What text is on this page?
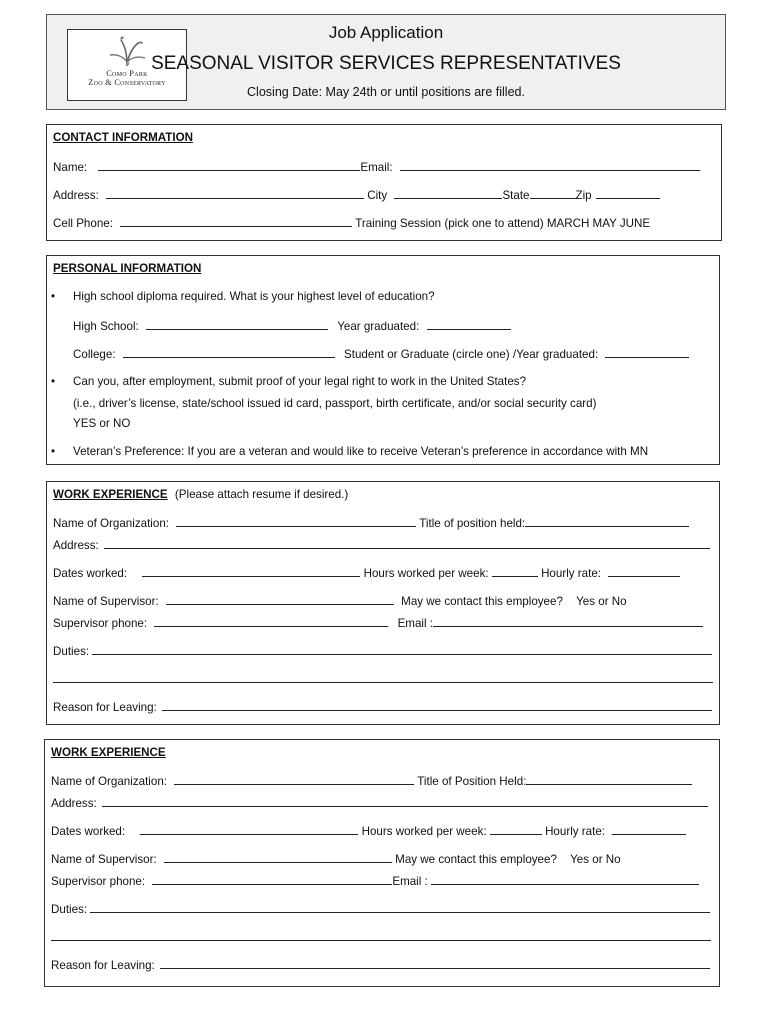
Como Park
Zoo & Conservatory
Job Application
SEASONAL VISITOR SERVICES REPRESENTATIVES
Closing Date: May 24th or until positions are filled.
CONTACT INFORMATION
Name:	Email:
Address:	City	State	Zip
Cell Phone:	Training Session (pick one to attend) MARCH MAY JUNE
PERSONAL INFORMATION
• High school diploma required. What is your highest level of education?
High School:	Year graduated:
College:	Student or Graduate (circle one) /Year graduated:
• Can you, after employment, submit proof of your legal right to work in the United States?
(i.e., driver’s license, state/school issued id card, passport, birth certificate, and/or social security card)
YES or NO
• Veteran’s Preference: If you are a veteran and would like to receive Veteran’s preference in accordance with MN
WORK EXPERIENCE (Please attach resume if desired.)
Name of Organization:	Title of position held:
Address:
Dates worked:	Hours worked per week:	Hourly rate:
Name of Supervisor:	May we contact this employee? Yes or No
Supervisor phone:	Email :
Duties:
Reason for Leaving:
WORK EXPERIENCE
Name of Organization:	Title of Position Held:
Address:
Dates worked:	Hours worked per week:	Hourly rate:
Name of Supervisor:	May we contact this employee? Yes or No
Supervisor phone:	Email :
Duties:
Reason for Leaving:
